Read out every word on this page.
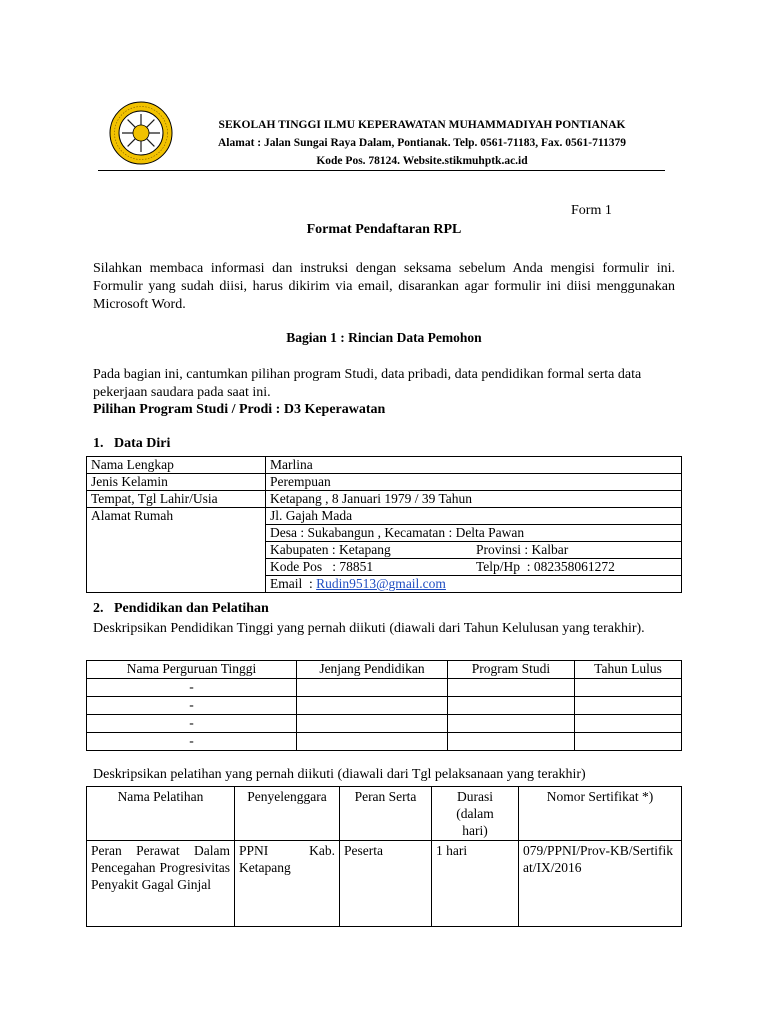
SEKOLAH TINGGI ILMU KEPERAWATAN MUHAMMADIYAH PONTIANAK
Alamat : Jalan Sungai Raya Dalam, Pontianak. Telp. 0561-71183, Fax. 0561-711379
Kode Pos. 78124. Website.stikmuhptk.ac.id
Form 1
Format Pendaftaran RPL
Silahkan membaca informasi dan instruksi dengan seksama sebelum Anda mengisi formulir ini. Formulir yang sudah diisi, harus dikirim via email, disarankan agar formulir ini diisi menggunakan Microsoft Word.
Bagian 1 : Rincian Data Pemohon
Pada bagian ini, cantumkan pilihan program Studi, data pribadi, data pendidikan formal serta data pekerjaan saudara pada saat ini.
Pilihan Program Studi / Prodi : D3 Keperawatan
1.   Data Diri
Nama Lengkap	Marlina
Jenis Kelamin	Perempuan
Tempat, Tgl Lahir/Usia	Ketapang , 8 Januari 1979 / 39 Tahun
Alamat Rumah	Jl. Gajah Mada
	Desa : Sukabangun , Kecamatan : Delta Pawan

	Kabupaten : Ketapang Provinsi : Kalbar

	Kode Pos   : 78851 Telp/Hp  : 082358061272

	Email  : Rudin9513@gmail.com
2.   Pendidikan dan Pelatihan
Deskripsikan Pendidikan Tinggi yang pernah diikuti (diawali dari Tahun Kelulusan yang terakhir).
Nama Perguruan Tinggi	Jenjang Pendidikan	Program Studi	Tahun Lulus
-			
-			
-			
-			
Deskripsikan pelatihan yang pernah diikuti (diawali dari Tgl pelaksanaan yang terakhir)
Nama Pelatihan	Penyelenggara	Peran Serta	Durasi (dalam hari)	Nomor Sertifikat *)

Peran Perawat Dalam Pencegahan Progresivitas Penyakit Gagal Ginjal	PPNI Kab. Ketapang	Peserta	1 hari	079/PPNI/Prov-KB/Sertifikat/IX/2016
